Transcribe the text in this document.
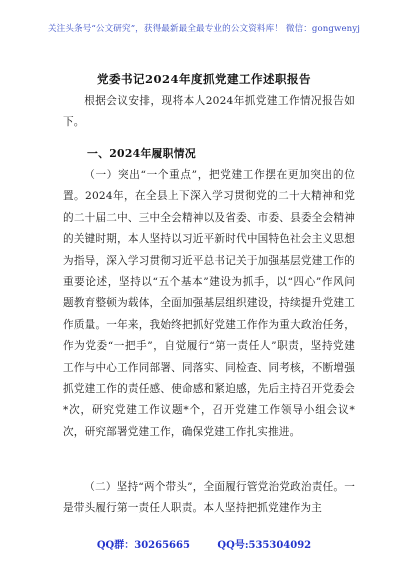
关注头条号“公文研究”，获得最新最全最专业的公文资料库！ 微信：gongwenyj
党委书记2024年度抓党建工作述职报告
根据会议安排，现将本人2024年抓党建工作情况报告如下。
一、2024年履职情况
（一）突出“一个重点”，把党建工作摆在更加突出的位置。2024年，在全县上下深入学习贯彻党的二十大精神和党的二十届二中、三中全会精神以及省委、市委、县委全会精神的关键时期，本人坚持以习近平新时代中国特色社会主义思想为指导，深入学习贯彻习近平总书记关于加强基层党建工作的重要论述，坚持以“五个基本”建设为抓手，以“四心”作风问题教育整顿为载体，全面加强基层组织建设，持续提升党建工作质量。一年来，我始终把抓好党建工作作为重大政治任务，作为党委“一把手”，自觉履行“第一责任人”职责，坚持党建工作与中心工作同部署、同落实、同检查、同考核，不断增强抓党建工作的责任感、使命感和紧迫感，先后主持召开党委会*次，研究党建工作议题*个，召开党建工作领导小组会议*次，研究部署党建工作，确保党建工作扎实推进。
（二）坚持“两个带头”，全面履行管党治党政治责任。一是带头履行第一责任人职责。本人坚持把抓党建作为主
QQ群：30265665	QQ号:535304092
